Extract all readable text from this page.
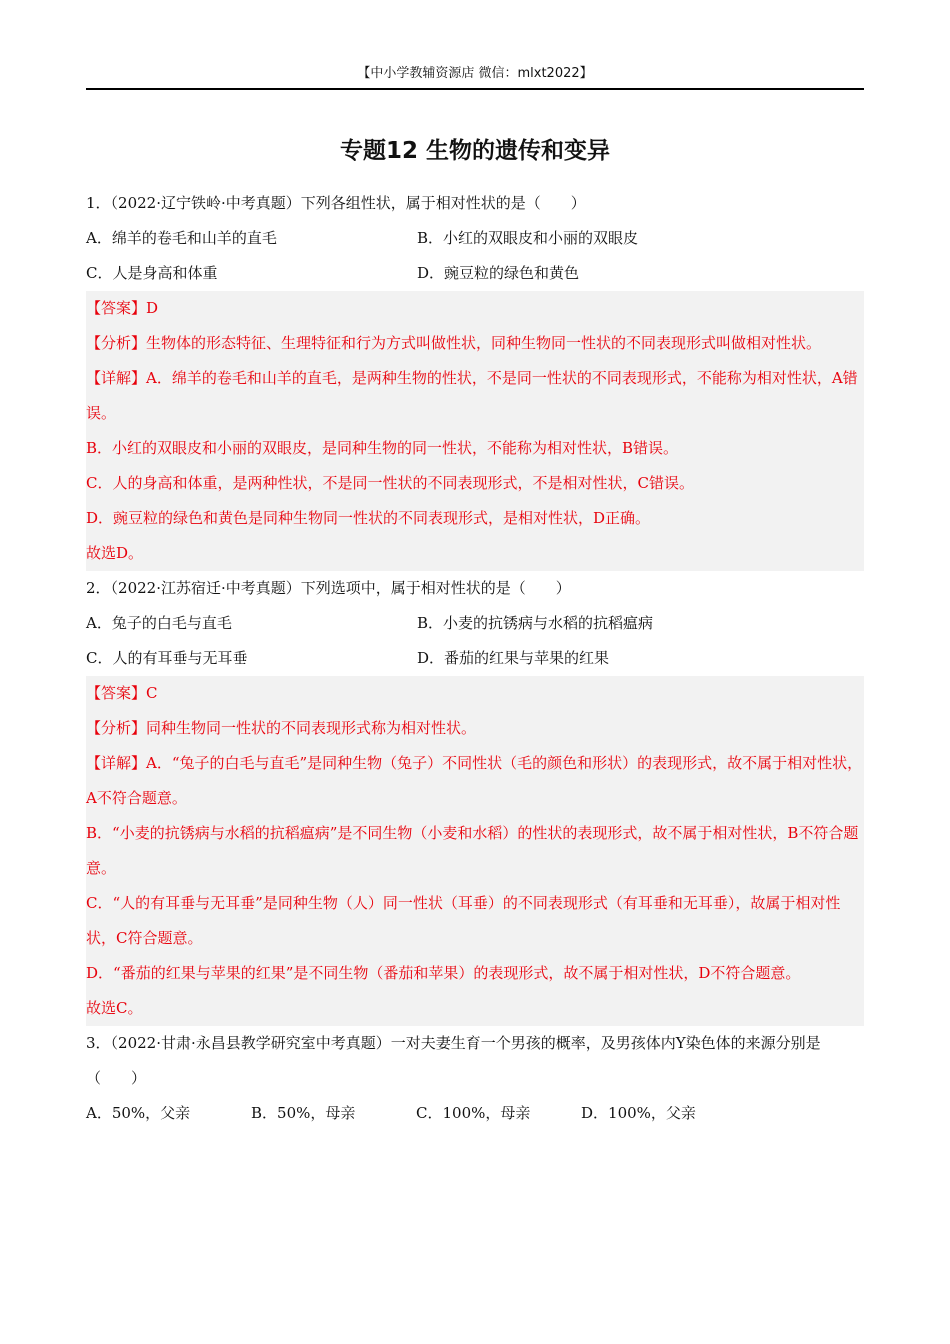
【中小学教辅资源店 微信：mlxt2022】
专题12 生物的遗传和变异
1．（2022·辽宁铁岭·中考真题）下列各组性状，属于相对性状的是（　　）
A．绵羊的卷毛和山羊的直毛	B．小红的双眼皮和小丽的双眼皮
C．人是身高和体重	D．豌豆粒的绿色和黄色
【答案】D
【分析】生物体的形态特征、生理特征和行为方式叫做性状，同种生物同一性状的不同表现形式叫做相对性状。
【详解】A．绵羊的卷毛和山羊的直毛，是两种生物的性状，不是同一性状的不同表现形式，不能称为相对性状，A错误。
B．小红的双眼皮和小丽的双眼皮，是同种生物的同一性状，不能称为相对性状，B错误。
C．人的身高和体重，是两种性状，不是同一性状的不同表现形式，不是相对性状，C错误。
D．豌豆粒的绿色和黄色是同种生物同一性状的不同表现形式，是相对性状，D正确。
故选D。
2．（2022·江苏宿迁·中考真题）下列选项中，属于相对性状的是（　　）
A．兔子的白毛与直毛	B．小麦的抗锈病与水稻的抗稻瘟病
C．人的有耳垂与无耳垂	D．番茄的红果与苹果的红果
【答案】C
【分析】同种生物同一性状的不同表现形式称为相对性状。
【详解】A．“兔子的白毛与直毛”是同种生物（兔子）不同性状（毛的颜色和形状）的表现形式，故不属于相对性状，A不符合题意。
B．“小麦的抗锈病与水稻的抗稻瘟病”是不同生物（小麦和水稻）的性状的表现形式，故不属于相对性状，B不符合题意。
C．“人的有耳垂与无耳垂”是同种生物（人）同一性状（耳垂）的不同表现形式（有耳垂和无耳垂），故属于相对性状，C符合题意。
D．“番茄的红果与苹果的红果”是不同生物（番茄和苹果）的表现形式，故不属于相对性状，D不符合题意。
故选C。
3．（2022·甘肃·永昌县教学研究室中考真题）一对夫妻生育一个男孩的概率，及男孩体内Y染色体的来源分别是（　　）
A．50%，父亲	B．50%，母亲	C．100%，母亲	D．100%，父亲
